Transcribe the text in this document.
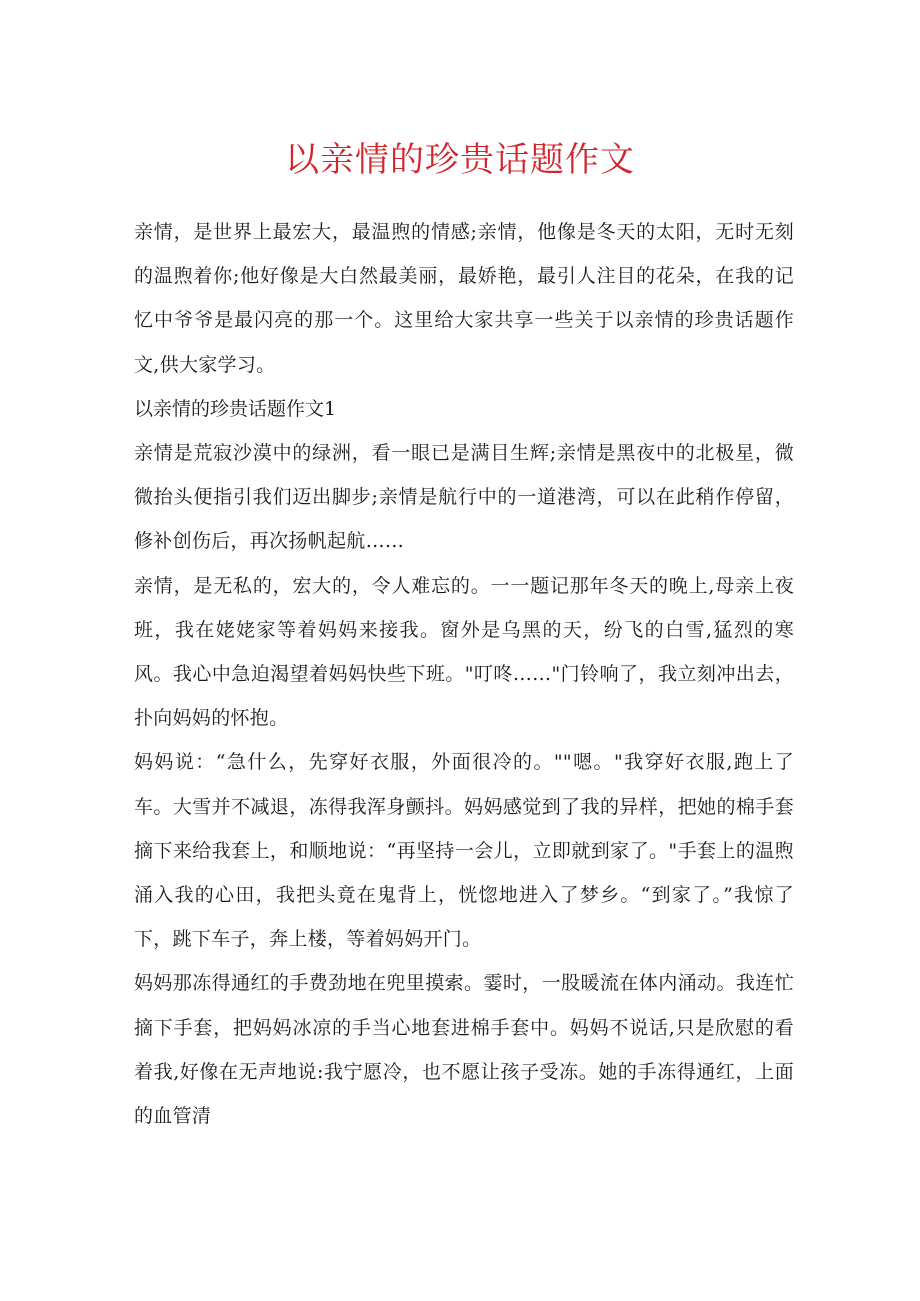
以亲情的珍贵话题作文

亲情，是世界上最宏大，最温煦的情感;亲情，他像是冬天的太阳，无时无刻的温煦着你;他好像是大白然最美丽，最娇艳，最引人注目的花朵，在我的记忆中爷爷是最闪亮的那一个。这里给大家共享一些关于以亲情的珍贵话题作文,供大家学习。

以亲情的珍贵话题作文1

亲情是荒寂沙漠中的绿洲，看一眼已是满目生辉;亲情是黑夜中的北极星，微微抬头便指引我们迈出脚步;亲情是航行中的一道港湾，可以在此稍作停留，修补创伤后，再次扬帆起航……

亲情，是无私的，宏大的，令人难忘的。一一题记那年冬天的晚上,母亲上夜班，我在姥姥家等着妈妈来接我。窗外是乌黑的天，纷飞的白雪,猛烈的寒风。我心中急迫渴望着妈妈快些下班。"叮咚……"门铃响了，我立刻冲出去，扑向妈妈的怀抱。

妈妈说：“急什么，先穿好衣服，外面很冷的。""嗯。"我穿好衣服,跑上了车。大雪并不减退，冻得我浑身颤抖。妈妈感觉到了我的异样，把她的棉手套摘下来给我套上，和顺地说：“再坚持一会儿，立即就到家了。"手套上的温煦涌入我的心田，我把头竟在鬼背上，恍惚地进入了梦乡。“到家了。”我惊了下，跳下车子，奔上楼，等着妈妈开门。

妈妈那冻得通红的手费劲地在兜里摸索。霎时，一股暖流在体内涌动。我连忙摘下手套，把妈妈冰凉的手当心地套进棉手套中。妈妈不说话,只是欣慰的看着我,好像在无声地说:我宁愿冷，也不愿让孩子受冻。她的手冻得通红，上面的血管清
